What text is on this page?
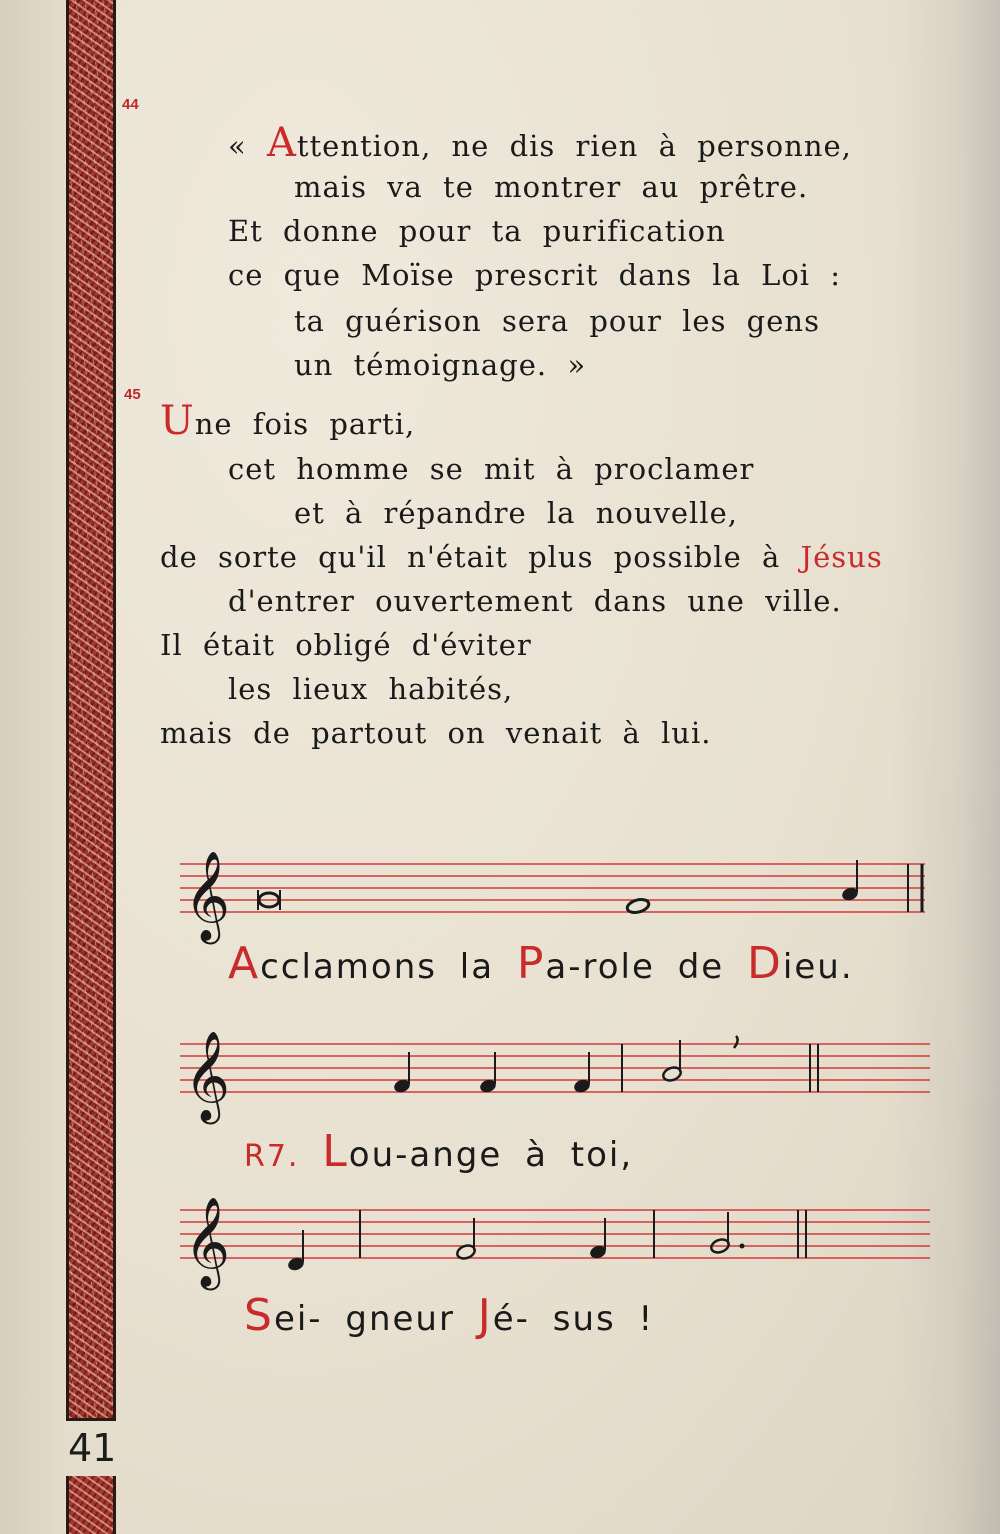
41
44
« Attention, ne dis rien à personne,
mais va te montrer au prêtre.
Et donne pour ta purification
ce que Moïse prescrit dans la Loi :
ta guérison sera pour les gens
un témoignage. »
45
Une fois parti,
cet homme se mit à proclamer
et à répandre la nouvelle,
de sorte qu'il n'était plus possible à Jésus
d'entrer ouvertement dans une ville.
Il était obligé d'éviter
les lieux habités,
mais de partout on venait à lui.
𝄞
Acclamons la Pa-role de Dieu.
𝄞
R7. Lou-ange à toi,
𝄞
Sei- gneur Jé- sus !
